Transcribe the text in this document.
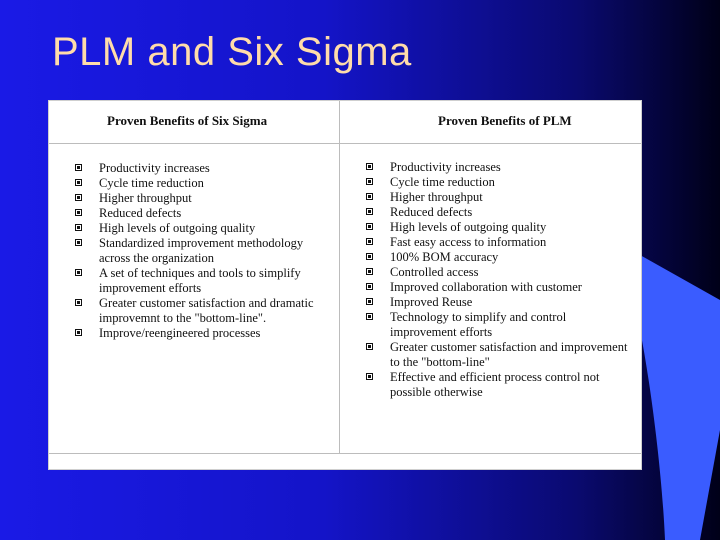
PLM and Six Sigma
Proven Benefits of Six Sigma	Proven Benefits of PLM
Productivity increases
Cycle time reduction
Higher throughput
Reduced defects
High levels of outgoing quality
Standardized improvement methodology across the organization
A set of techniques and tools to simplify improvement efforts
Greater customer satisfaction and dramatic improvemnt to the "bottom-line".
Improve/reengineered processes
Productivity increases
Cycle time reduction
Higher throughput
Reduced defects
High levels of outgoing quality
Fast easy access to information
100% BOM accuracy
Controlled access
Improved collaboration with customer
Improved Reuse
Technology to simplify and control improvement efforts
Greater customer satisfaction and improvement to the "bottom-line"
Effective and efficient process control not possible otherwise
